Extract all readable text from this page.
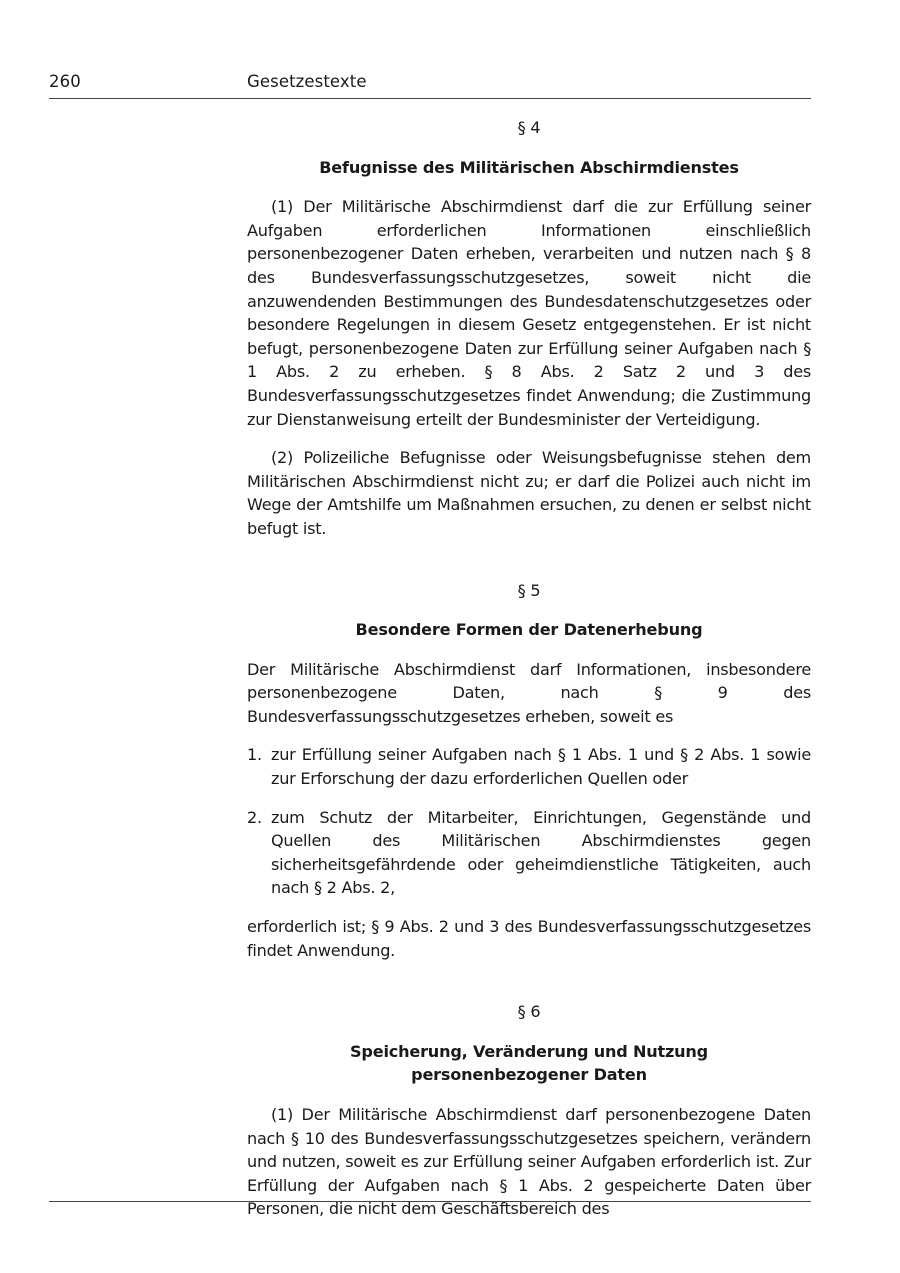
260	Gesetzestexte

§ 4

Befugnisse des Militärischen Abschirmdienstes

(1) Der Militärische Abschirmdienst darf die zur Erfüllung seiner Aufgaben erforderlichen Informationen einschließlich personenbezogener Daten erheben, verarbeiten und nutzen nach § 8 des Bundesverfassungsschutzgesetzes, soweit nicht die anzuwendenden Bestimmungen des Bundesdatenschutzgesetzes oder besondere Regelungen in diesem Gesetz entgegenstehen. Er ist nicht befugt, personenbezogene Daten zur Erfüllung seiner Aufgaben nach § 1 Abs. 2 zu erheben. § 8 Abs. 2 Satz 2 und 3 des Bundesverfassungsschutzgesetzes findet Anwendung; die Zustimmung zur Dienstanweisung erteilt der Bundesminister der Verteidigung.

(2) Polizeiliche Befugnisse oder Weisungsbefugnisse stehen dem Militärischen Abschirmdienst nicht zu; er darf die Polizei auch nicht im Wege der Amtshilfe um Maßnahmen ersuchen, zu denen er selbst nicht befugt ist.

§ 5

Besondere Formen der Datenerhebung

Der Militärische Abschirmdienst darf Informationen, insbesondere personenbezogene Daten, nach § 9 des Bundesverfassungsschutzgesetzes erheben, soweit es

1. zur Erfüllung seiner Aufgaben nach § 1 Abs. 1 und § 2 Abs. 1 sowie zur Erforschung der dazu erforderlichen Quellen oder
2. zum Schutz der Mitarbeiter, Einrichtungen, Gegenstände und Quellen des Militärischen Abschirmdienstes gegen sicherheitsgefährdende oder geheimdienstliche Tätigkeiten, auch nach § 2 Abs. 2,

erforderlich ist; § 9 Abs. 2 und 3 des Bundesverfassungsschutzgesetzes findet Anwendung.

§ 6

Speicherung, Veränderung und Nutzung
personenbezogener Daten

(1) Der Militärische Abschirmdienst darf personenbezogene Daten nach § 10 des Bundesverfassungsschutzgesetzes speichern, verändern und nutzen, soweit es zur Erfüllung seiner Aufgaben erforderlich ist. Zur Erfüllung der Aufgaben nach § 1 Abs. 2 gespeicherte Daten über Personen, die nicht dem Geschäftsbereich des
